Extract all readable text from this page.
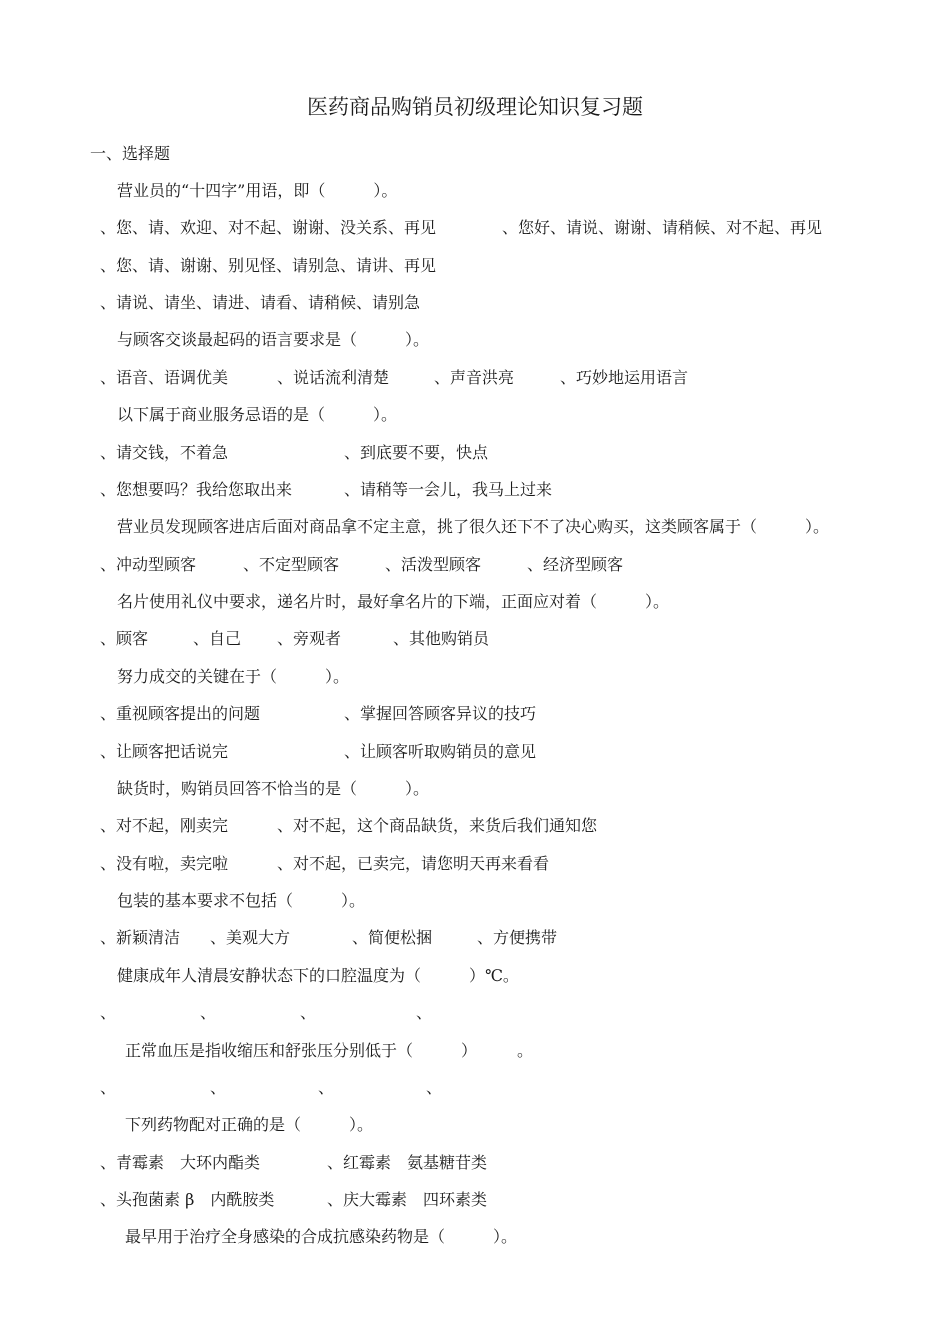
医药商品购销员初级理论知识复习题
一、选择题
营业员的“十四字”用语，即（　　　）。
、您、请、欢迎、对不起、谢谢、没关系、再见	、您好、请说、谢谢、请稍候、对不起、再见
、您、请、谢谢、别见怪、请别急、请讲、再见
、请说、请坐、请进、请看、请稍候、请别急
与顾客交谈最起码的语言要求是（　　　）。
、语音、语调优美	、说话流利清楚	、声音洪亮	、巧妙地运用语言
以下属于商业服务忌语的是（　　　）。
、请交钱，不着急	、到底要不要，快点
、您想要吗？我给您取出来	、请稍等一会儿，我马上过来
营业员发现顾客进店后面对商品拿不定主意，挑了很久还下不了决心购买，这类顾客属于（　　　）。
、冲动型顾客	、不定型顾客	、活泼型顾客	、经济型顾客
名片使用礼仪中要求，递名片时，最好拿名片的下端，正面应对着（　　　）。
、顾客	、自己 、旁观者	、其他购销员
努力成交的关键在于（　　　）。
、重视顾客提出的问题	、掌握回答顾客异议的技巧
、让顾客把话说完	、让顾客听取购销员的意见
缺货时，购销员回答不恰当的是（　　　）。
、对不起，刚卖完	、对不起，这个商品缺货，来货后我们通知您
、没有啦，卖完啦	、对不起，已卖完，请您明天再来看看
包装的基本要求不包括（　　　）。
、新颖清洁 、美观大方	、简便松捆	、方便携带
健康成年人清晨安静状态下的口腔温度为（　　　）℃。
、	、	、	、
正常血压是指收缩压和舒张压分别低于（　　　）　　　。
、	、	、	、
下列药物配对正确的是（　　　）。
、青霉素　大环内酯类	、红霉素　氨基糖苷类
、头孢菌素 β　内酰胺类	、庆大霉素　四环素类
最早用于治疗全身感染的合成抗感染药物是（　　　）。
